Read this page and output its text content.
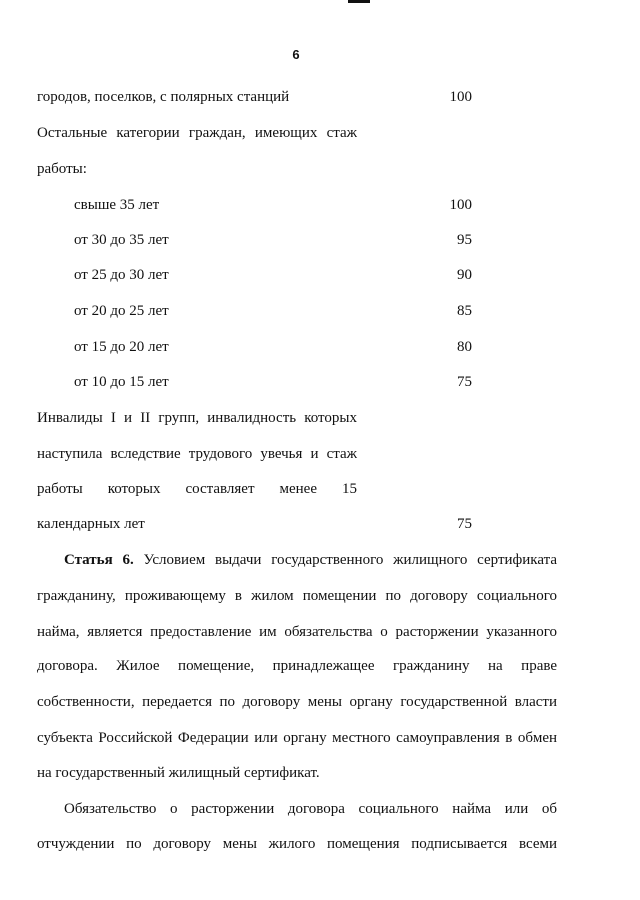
6
городов, поселков, с полярных станций	100
Остальные категории граждан, имеющих стаж
работы:
свыше 35 лет	100
от 30 до 35 лет	95
от 25 до 30 лет	90
от 20 до 25 лет	85
от 15 до 20 лет	80
от 10 до 15 лет	75
Инвалиды I и II групп, инвалидность которых
наступила вследствие трудового увечья и стаж
работы которых составляет менее 15
календарных лет	75
Статья 6. Условием выдачи государственного жилищного сертификата
гражданину, проживающему в жилом помещении по договору социального
найма, является предоставление им обязательства о расторжении указанного
договора. Жилое помещение, принадлежащее гражданину на праве
собственности, передается по договору мены органу государственной власти
субъекта Российской Федерации или органу местного самоуправления в обмен
на государственный жилищный сертификат.
Обязательство о расторжении договора социального найма или об
отчуждении по договору мены жилого помещения подписывается всеми
